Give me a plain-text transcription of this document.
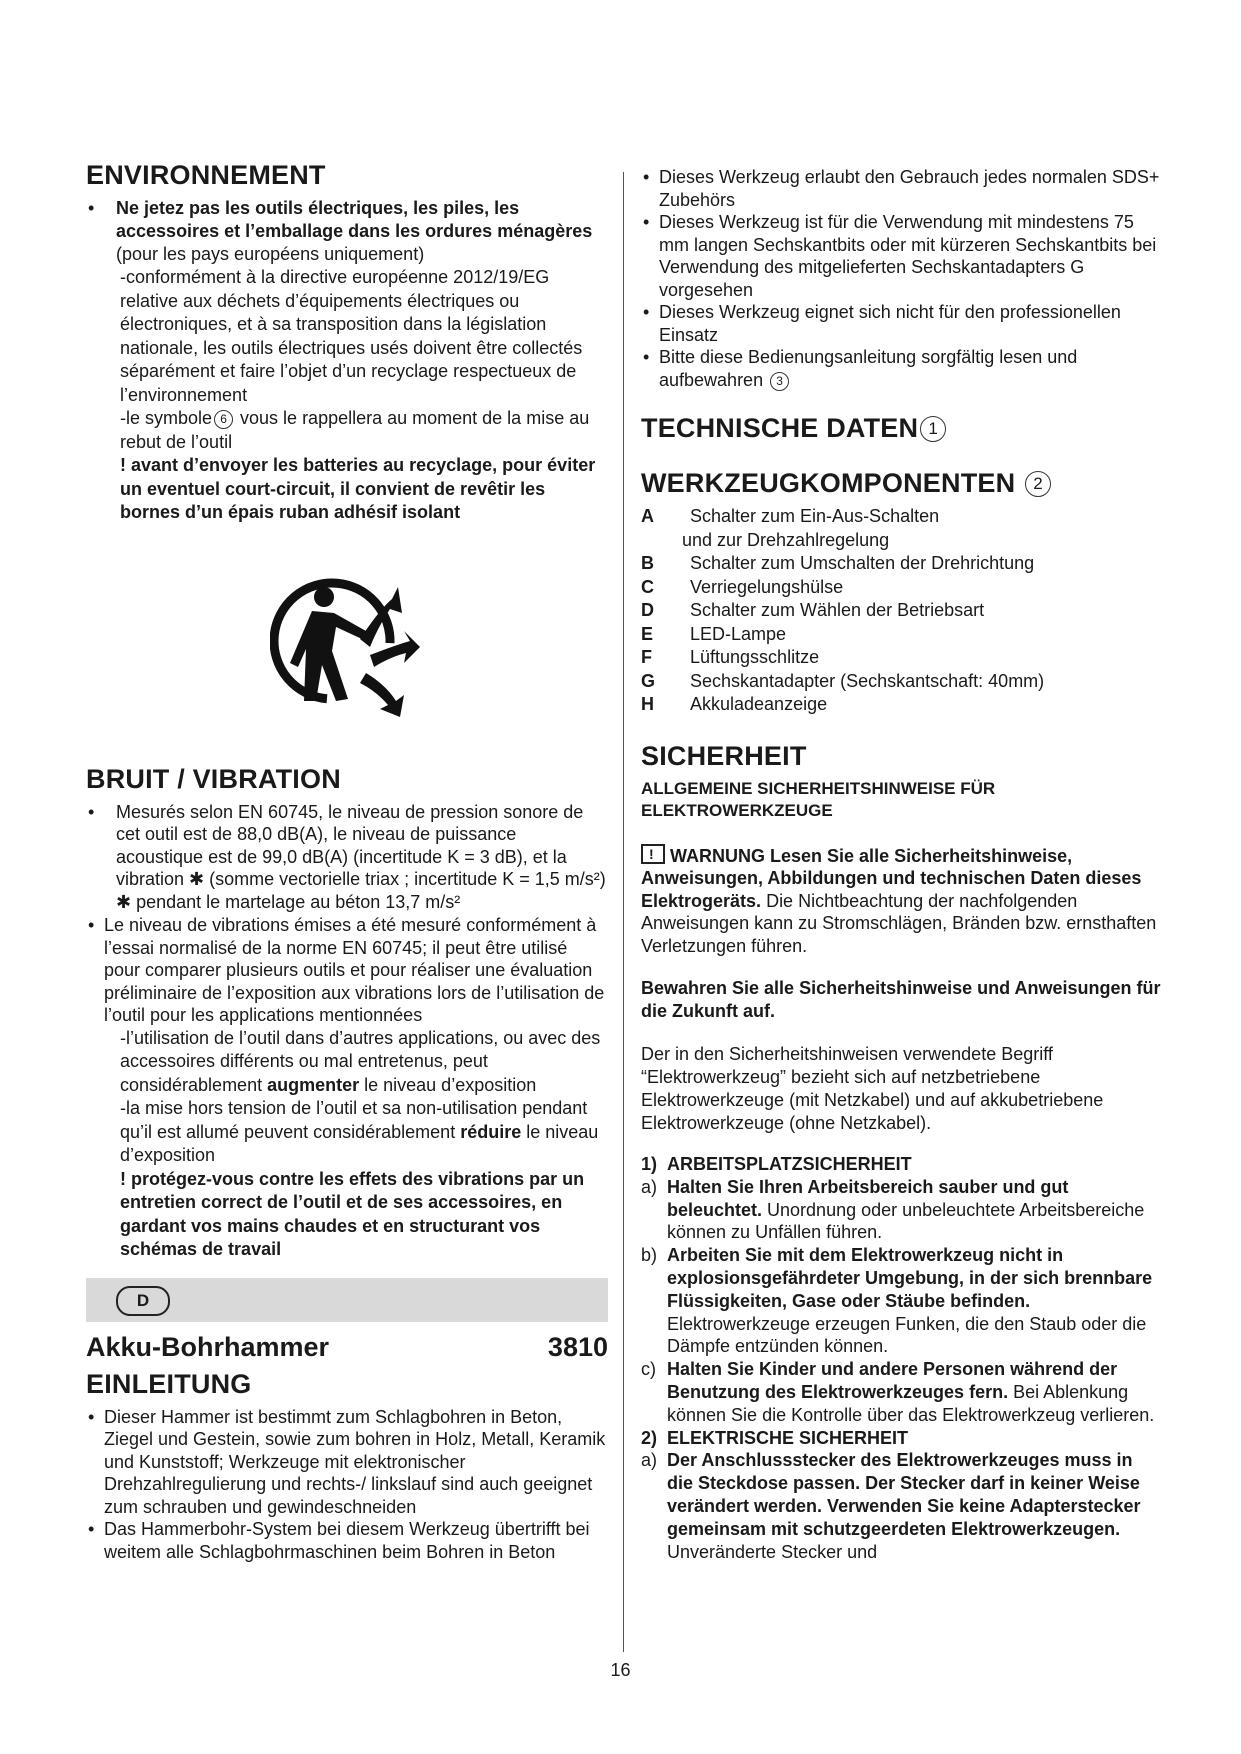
ENVIRONNEMENT
• Ne jetez pas les outils électriques, les piles, les accessoires et l’emballage dans les ordures ménagères (pour les pays européens uniquement)
-conformément à la directive européenne 2012/19/EG relative aux déchets d’équipements électriques ou électroniques, et à sa transposition dans la législation nationale, les outils électriques usés doivent être collectés séparément et faire l’objet d’un recyclage respectueux de l’environnement
-le symbole 6 vous le rappellera au moment de la mise au rebut de l’outil
! avant d’envoyer les batteries au recyclage, pour éviter un eventuel court-circuit, il convient de revêtir les bornes d’un épais ruban adhésif isolant
BRUIT / VIBRATION
• Mesurés selon EN 60745, le niveau de pression sonore de cet outil est de 88,0 dB(A), le niveau de puissance acoustique est de 99,0 dB(A) (incertitude K = 3 dB), et la vibration ✱ (somme vectorielle triax ; incertitude K = 1,5 m/s²)
✱ pendant le martelage au béton 13,7 m/s²
• Le niveau de vibrations émises a été mesuré conformément à l’essai normalisé de la norme EN 60745; il peut être utilisé pour comparer plusieurs outils et pour réaliser une évaluation préliminaire de l’exposition aux vibrations lors de l’utilisation de l’outil pour les applications mentionnées
-l’utilisation de l’outil dans d’autres applications, ou avec des accessoires différents ou mal entretenus, peut considérablement augmenter le niveau d’exposition
-la mise hors tension de l’outil et sa non-utilisation pendant qu’il est allumé peuvent considérablement réduire le niveau d’exposition
! protégez-vous contre les effets des vibrations par un entretien correct de l’outil et de ses accessoires, en gardant vos mains chaudes et en structurant vos schémas de travail
D
Akku-Bohrhammer	3810
EINLEITUNG
• Dieser Hammer ist bestimmt zum Schlagbohren in Beton, Ziegel und Gestein, sowie zum bohren in Holz, Metall, Keramik und Kunststoff; Werkzeuge mit elektronischer Drehzahlregulierung und rechts-/ linkslauf sind auch geeignet zum schrauben und gewindeschneiden
• Das Hammerbohr-System bei diesem Werkzeug übertrifft bei weitem alle Schlagbohrmaschinen beim Bohren in Beton
• Dieses Werkzeug erlaubt den Gebrauch jedes normalen SDS+ Zubehörs
• Dieses Werkzeug ist für die Verwendung mit mindestens 75 mm langen Sechskantbits oder mit kürzeren Sechskantbits bei Verwendung des mitgelieferten Sechskantadapters G vorgesehen
• Dieses Werkzeug eignet sich nicht für den professionellen Einsatz
• Bitte diese Bedienungsanleitung sorgfältig lesen und aufbewahren 3
TECHNISCHE DATEN 1
WERKZEUGKOMPONENTEN 2
A	Schalter zum Ein-Aus-Schalten
und zur Drehzahlregelung
B	Schalter zum Umschalten der Drehrichtung
C	Verriegelungshülse
D	Schalter zum Wählen der Betriebsart
E	LED-Lampe
F	Lüftungsschlitze
G	Sechskantadapter (Sechskantschaft: 40mm)
H	Akkuladeanzeige
SICHERHEIT
ALLGEMEINE SICHERHEITSHINWEISE FÜR ELEKTROWERKZEUGE
! WARNUNG Lesen Sie alle Sicherheitshinweise, Anweisungen, Abbildungen und technischen Daten dieses Elektrogeräts. Die Nichtbeachtung der nachfolgenden Anweisungen kann zu Stromschlägen, Bränden bzw. ernsthaften Verletzungen führen.
Bewahren Sie alle Sicherheitshinweise und Anweisungen für die Zukunft auf.
Der in den Sicherheitshinweisen verwendete Begriff “Elektrowerkzeug” bezieht sich auf netzbetriebene Elektrowerkzeuge (mit Netzkabel) und auf akkubetriebene Elektrowerkzeuge (ohne Netzkabel).
1) ARBEITSPLATZSICHERHEIT
a) Halten Sie Ihren Arbeitsbereich sauber und gut beleuchtet. Unordnung oder unbeleuchtete Arbeitsbereiche können zu Unfällen führen.
b) Arbeiten Sie mit dem Elektrowerkzeug nicht in explosionsgefährdeter Umgebung, in der sich brennbare Flüssigkeiten, Gase oder Stäube befinden. Elektrowerkzeuge erzeugen Funken, die den Staub oder die Dämpfe entzünden können.
c) Halten Sie Kinder und andere Personen während der Benutzung des Elektrowerkzeuges fern. Bei Ablenkung können Sie die Kontrolle über das Elektrowerkzeug verlieren.
2) ELEKTRISCHE SICHERHEIT
a) Der Anschlussstecker des Elektrowerkzeuges muss in die Steckdose passen. Der Stecker darf in keiner Weise verändert werden. Verwenden Sie keine Adapterstecker gemeinsam mit schutzgeerdeten Elektrowerkzeugen. Unveränderte Stecker und
16
